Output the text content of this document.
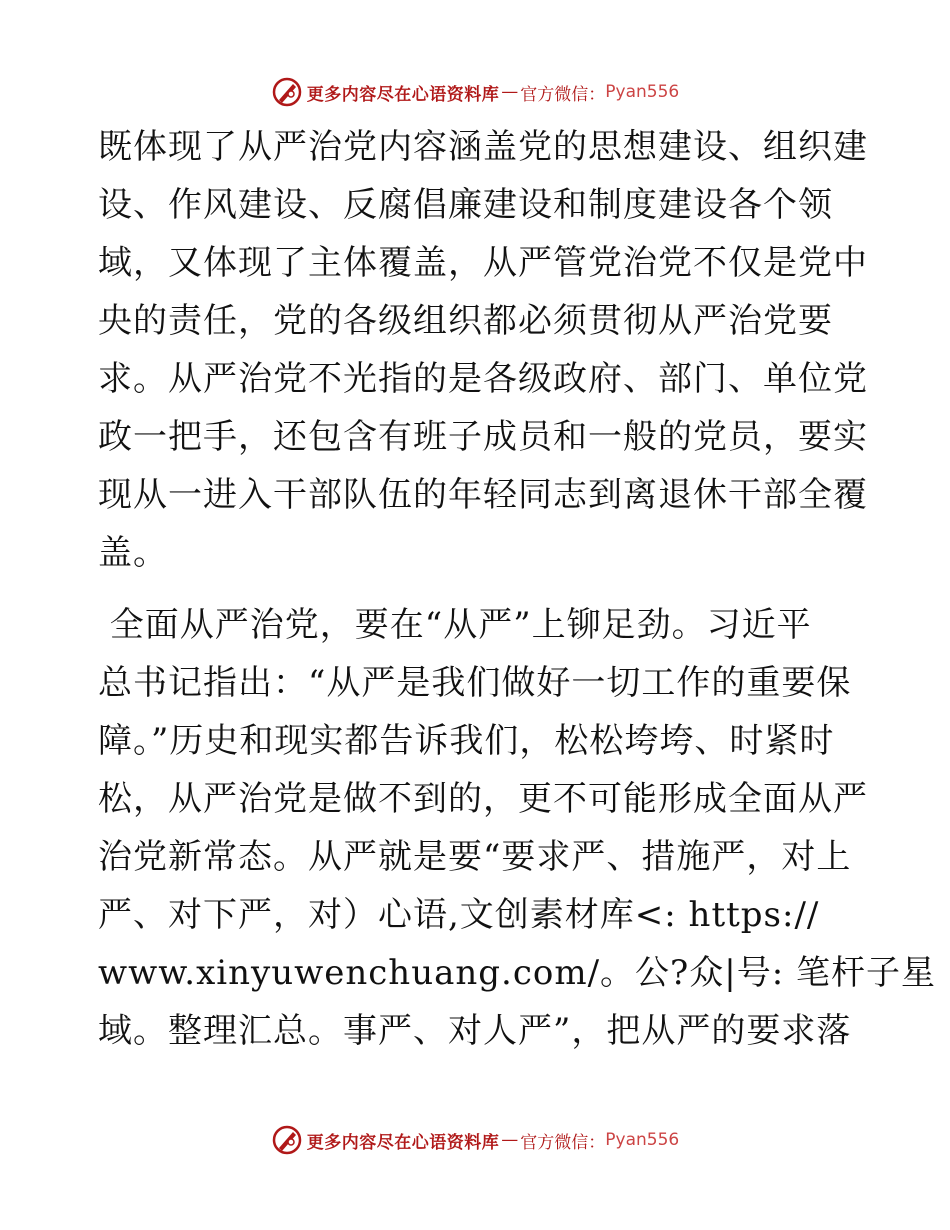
更多内容尽在心语资料库 — 官方微信： Pyan556
既体现了从严治党内容涵盖党的思想建设、组织建
设、作风建设、反腐倡廉建设和制度建设各个领
域，又体现了主体覆盖，从严管党治党不仅是党中
央的责任，党的各级组织都必须贯彻从严治党要
求。从严治党不光指的是各级政府、部门、单位党
政一把手，还包含有班子成员和一般的党员，要实
现从一进入干部队伍的年轻同志到离退休干部全覆
盖。
全面从严治党，要在“从严”上铆足劲。习近平
总书记指出：“从严是我们做好一切工作的重要保
障。”历史和现实都告诉我们，松松垮垮、时紧时
松，从严治党是做不到的，更不可能形成全面从严
治党新常态。从严就是要“要求严、措施严，对上
严、对下严，对）心语,文创素材库<: https://
www.xinyuwenchuang.com/。公?众|号: 笔杆子星
域。整理汇总。事严、对人严”，把从严的要求落
更多内容尽在心语资料库 — 官方微信： Pyan556
